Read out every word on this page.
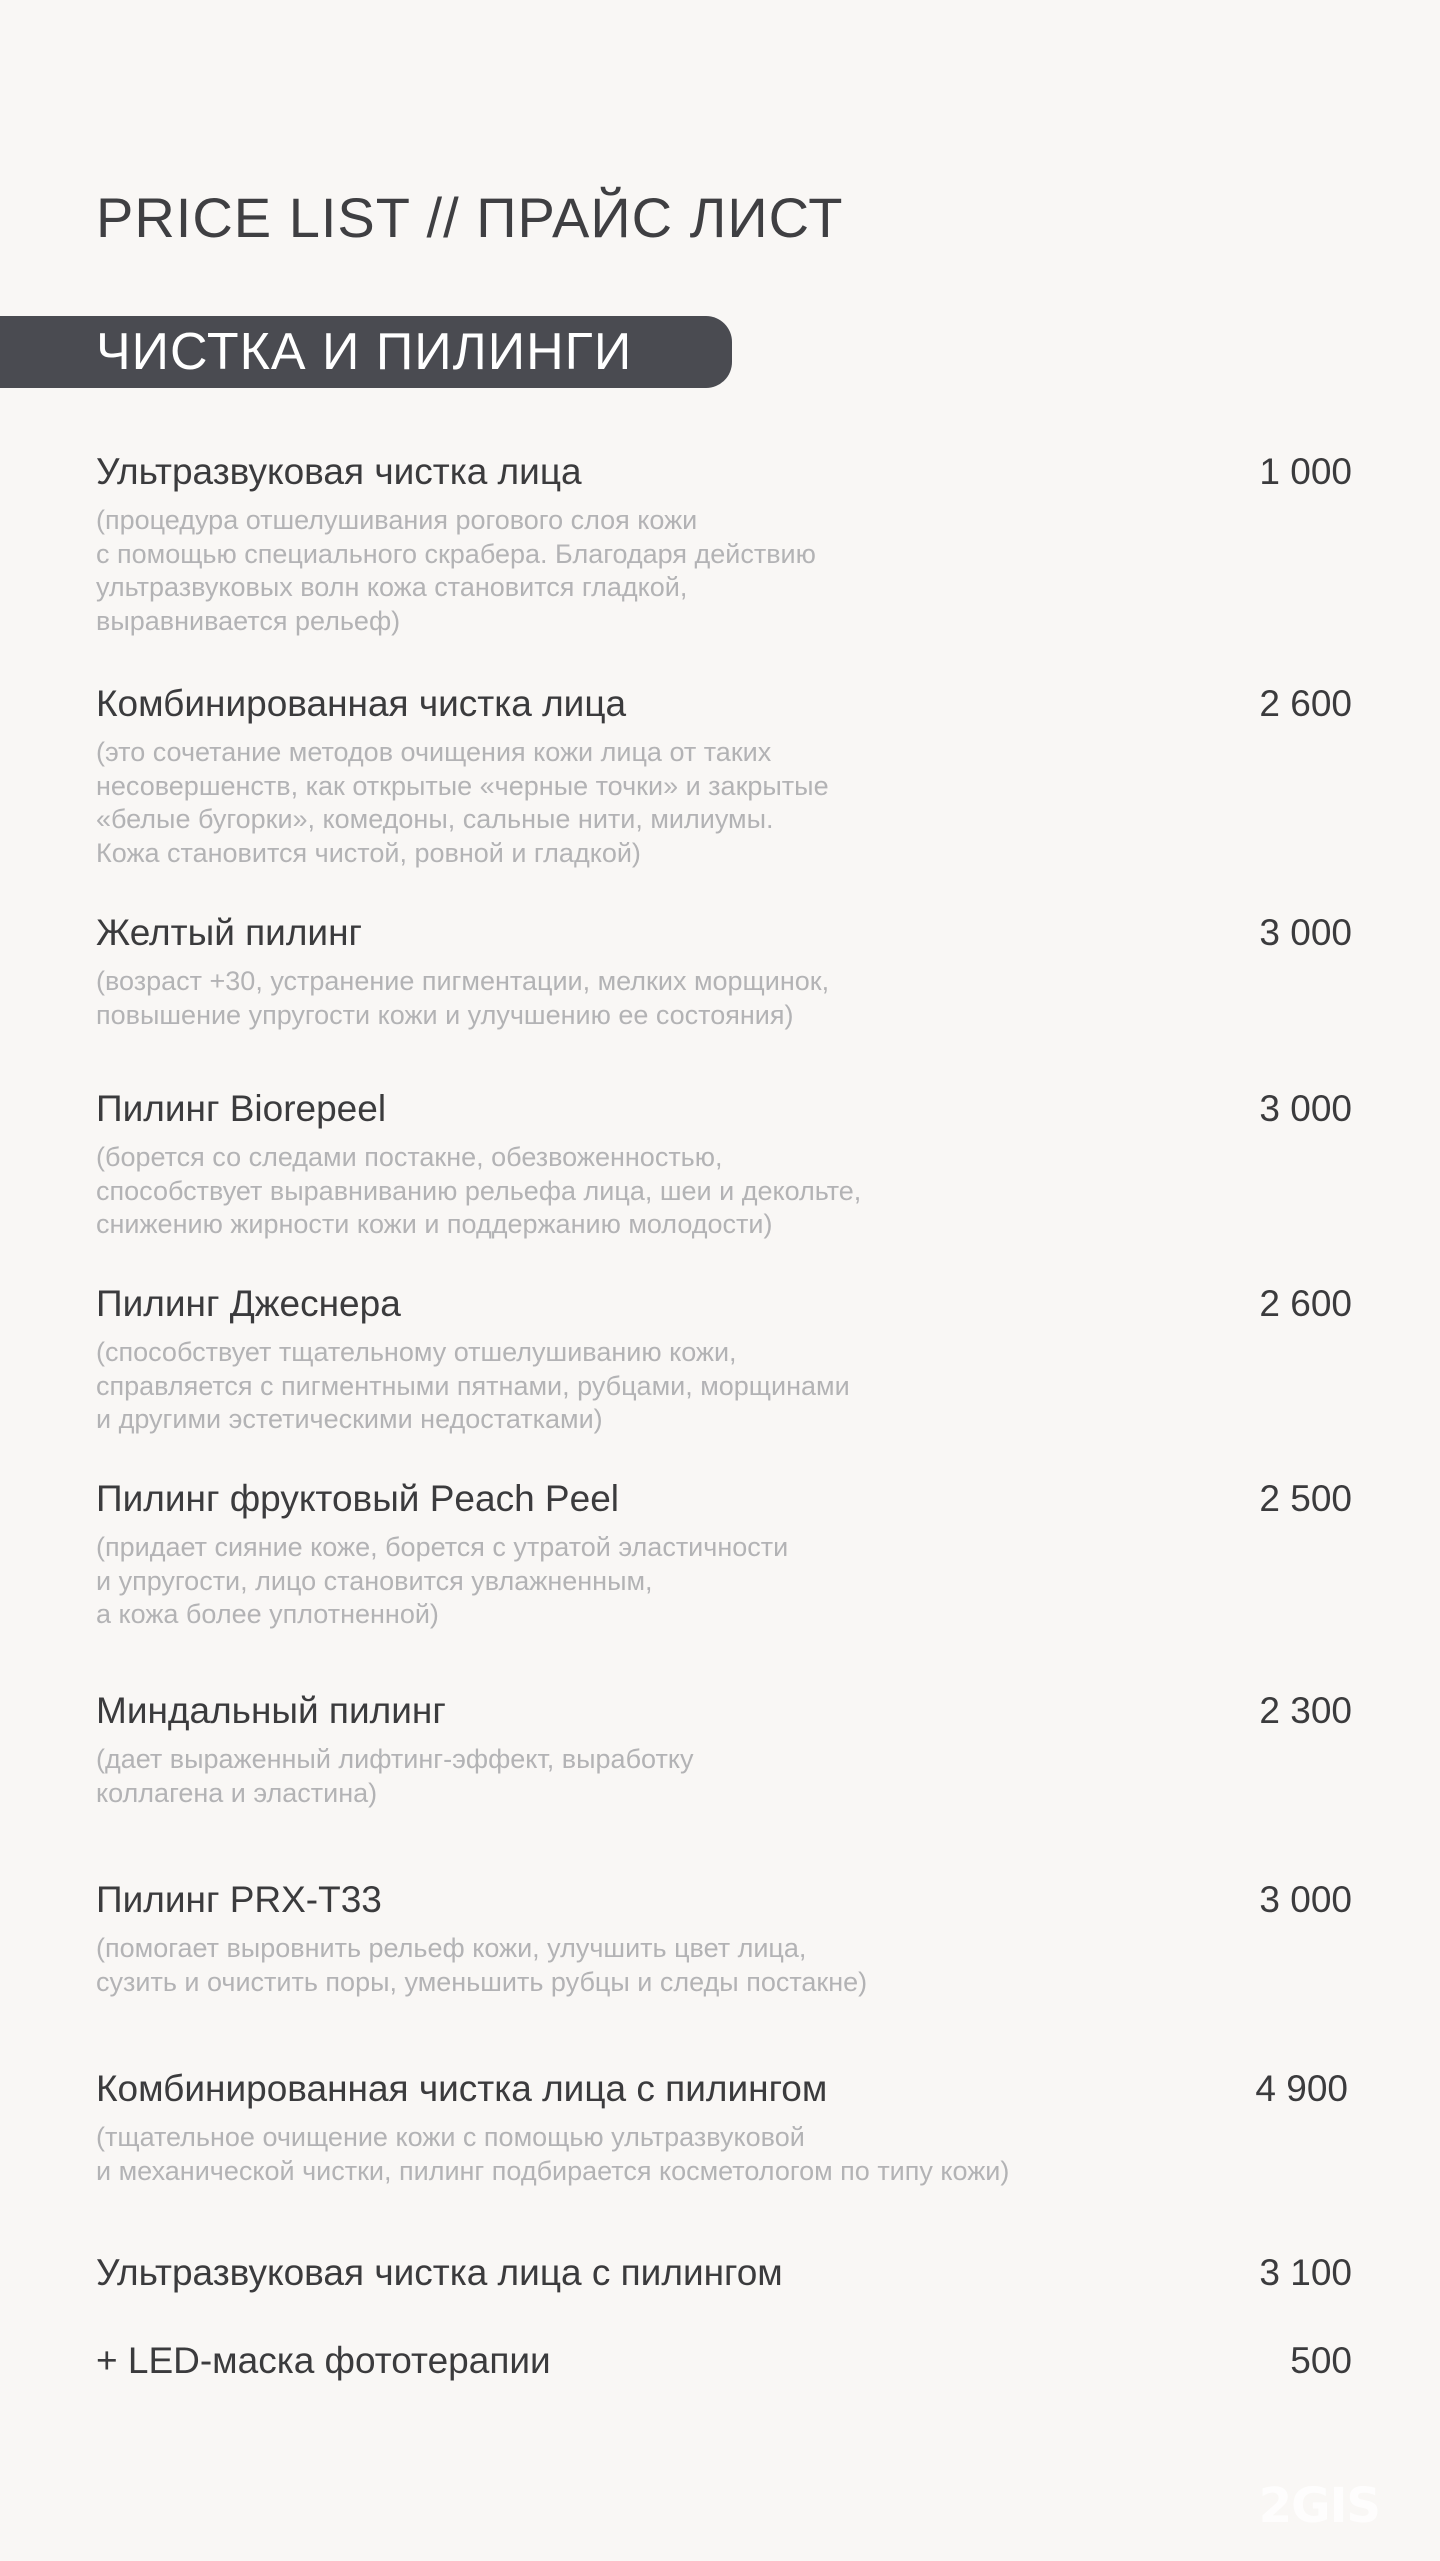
PRICE LIST // ПРАЙС ЛИСТ
ЧИСТКА И ПИЛИНГИ
Ультразвуковая чистка лица	1 000
(процедура отшелушивания рогового слоя кожи
с помощью специального скрабера. Благодаря действию
ультразвуковых волн кожа становится гладкой,
выравнивается рельеф)
Комбинированная чистка лица	2 600
(это сочетание методов очищения кожи лица от таких
несовершенств, как открытые «черные точки» и закрытые
«белые бугорки», комедоны, сальные нити, милиумы.
Кожа становится чистой, ровной и гладкой)
Желтый пилинг	3 000
(возраст +30, устранение пигментации, мелких морщинок,
повышение упругости кожи и улучшению ее состояния)
Пилинг Biorepeel	3 000
(борется со следами постакне, обезвоженностью,
способствует выравниванию рельефа лица, шеи и декольте,
снижению жирности кожи и поддержанию молодости)
Пилинг Джеснера	2 600
(способствует тщательному отшелушиванию кожи,
справляется с пигментными пятнами, рубцами, морщинами
и другими эстетическими недостатками)
Пилинг фруктовый Peach Peel	2 500
(придает сияние коже, борется с утратой эластичности
и упругости, лицо становится увлажненным,
а кожа более уплотненной)
Миндальный пилинг	2 300
(дает выраженный лифтинг-эффект, выработку
коллагена и эластина)
Пилинг PRX-T33	3 000
(помогает выровнить рельеф кожи, улучшить цвет лица,
сузить и очистить поры, уменьшить рубцы и следы постакне)
Комбинированная чистка лица с пилингом	4 900
(тщательное очищение кожи с помощью ультразвуковой
и механической чистки, пилинг подбирается косметологом по типу кожи)
Ультразвуковая чистка лица с пилингом	3 100
+ LED-маска фототерапии	500
2GIS
